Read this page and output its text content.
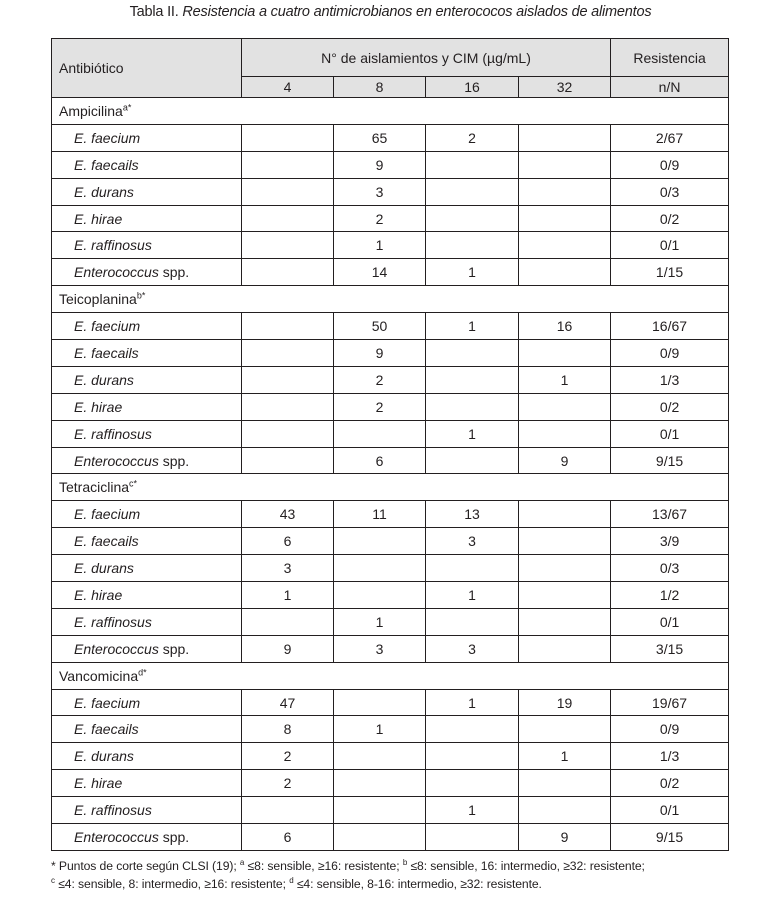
Tabla II. Resistencia a cuatro antimicrobianos en enterococos aislados de alimentos
Antibiótico	N° de aislamientos y CIM (µg/mL)				Resistencia
	4	8	16	32	n/N
Ampicilina$^{a*}$
E. faecium		65	2		2/67
E. faecails		9			0/9
E. durans		3			0/3
E. hirae		2			0/2
E. raffinosus		1			0/1
Enterococcus spp.		14	1		1/15
Teicoplanina$^{b*}$
E. faecium		50	1	16	16/67
E. faecails		9			0/9
E. durans		2		1	1/3
E. hirae		2			0/2
E. raffinosus			1		0/1
Enterococcus spp.		6		9	9/15
Tetraciclina$^{c*}$
E. faecium	43	11	13		13/67
E. faecails	6		3		3/9
E. durans	3				0/3
E. hirae	1		1		1/2
E. raffinosus		1			0/1
Enterococcus spp.	9	3	3		3/15
Vancomicina$^{d*}$
E. faecium	47		1	19	19/67
E. faecails	8	1			0/9
E. durans	2			1	1/3
E. hirae	2				0/2
E. raffinosus			1		0/1
Enterococcus spp.	6			9	9/15
* Puntos de corte según CLSI (19); $^a$ ≤8: sensible, ≥16: resistente; $^b$ ≤8: sensible, 16: intermedio, ≥32: resistente;
$^c$ ≤4: sensible, 8: intermedio, ≥16: resistente; $^d$ ≤4: sensible, 8-16: intermedio, ≥32: resistente.
